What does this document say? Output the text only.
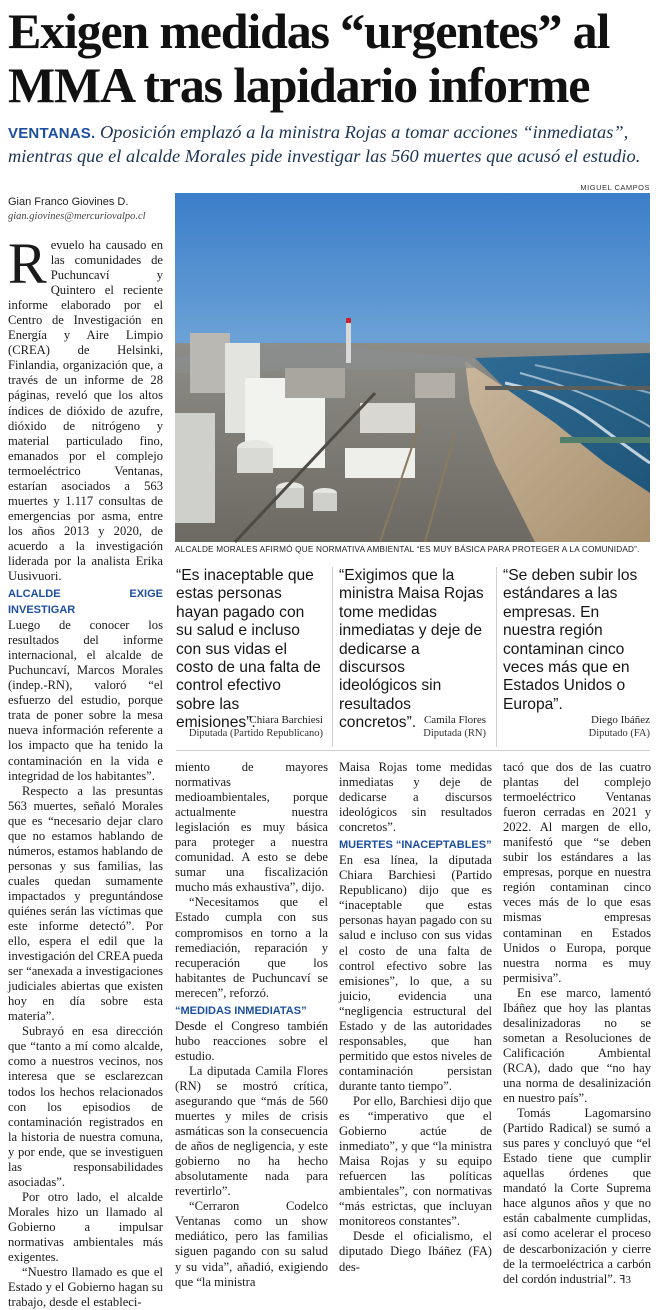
Exigen medidas “urgentes” al
MMA tras lapidario informe
VENTANAS. Oposición emplazó a la ministra Rojas a tomar acciones “inmediatas”, mientras que el alcalde Morales pide investigar las 560 muertes que acusó el estudio.
Gian Franco Giovines D.
gian.giovines@mercuriovalpo.cl
MIGUEL CAMPOS
ALCALDE MORALES AFIRMÓ QUE NORMATIVA AMBIENTAL “ES MUY BÁSICA PARA PROTEGER A LA COMUNIDAD”.
“Es inaceptable que estas personas hayan pagado con su salud e incluso con sus vidas el costo de una falta de control efectivo sobre las emisiones”.
Chiara Barchiesi
Diputada (Partido Republicano)
“Exigimos que la ministra Maisa Rojas tome medidas inmediatas y deje de dedicarse a discursos ideológicos sin resultados concretos”. Camila Flores
Diputada (RN)
“Se deben subir los estándares a las empresas. En nuestra región contaminan cinco veces más que en Estados Unidos o Europa”.
Diego Ibáñez
Diputado (FA)

Revuelo ha causado en las comunidades de Puchuncaví y Quintero el reciente informe elaborado por el Centro de Investigación en Energía y Aire Limpio (CREA) de Helsinki, Finlandia, organización que, a través de un informe de 28 páginas, reveló que los altos índices de dióxido de azufre, dióxido de nitrógeno y material particulado fino, emanados por el complejo termoeléctrico Ventanas, estarían asociados a 563 muertes y 1.117 consultas de emergencias por asma, entre los años 2013 y 2020, de acuerdo a la investigación liderada por la analista Erika Uusivuori.

ALCALDE EXIGE INVESTIGAR

Luego de conocer los resultados del informe internacional, el alcalde de Puchuncaví, Marcos Morales (indep.-RN), valoró “el esfuerzo del estudio, porque trata de poner sobre la mesa nueva información referente a los impacto que ha tenido la contaminación en la vida e integridad de los habitantes”.

Respecto a las presuntas 563 muertes, señaló Morales que es “necesario dejar claro que no estamos hablando de números, estamos hablando de personas y sus familias, las cuales quedan sumamente impactados y preguntándose quiénes serán las víctimas que este informe detectó”. Por ello, espera el edil que la investigación del CREA pueda ser “anexada a investigaciones judiciales abiertas que existen hoy en día sobre esta materia”.

Subrayó en esa dirección que “tanto a mí como alcalde, como a nuestros vecinos, nos interesa que se esclarezcan todos los hechos relacionados con los episodios de contaminación registrados en la historia de nuestra comuna, y por ende, que se investiguen las responsabilidades asociadas”.

Por otro lado, el alcalde Morales hizo un llamado al Gobierno a impulsar normativas ambientales más exigentes.

“Nuestro llamado es que el Estado y el Gobierno hagan su trabajo, desde el estableci-

miento de mayores normativas medioambientales, porque actualmente nuestra legislación es muy básica para proteger a nuestra comunidad. A esto se debe sumar una fiscalización mucho más exhaustiva”, dijo.

“Necesitamos que el Estado cumpla con sus compromisos en torno a la remediación, reparación y recuperación que los habitantes de Puchuncaví se merecen”, reforzó.

“MEDIDAS INMEDIATAS”

Desde el Congreso también hubo reacciones sobre el estudio.

La diputada Camila Flores (RN) se mostró crítica, asegurando que “más de 560 muertes y miles de crisis asmáticas son la consecuencia de años de negligencia, y este gobierno no ha hecho absolutamente nada para revertirlo”.

“Cerraron Codelco Ventanas como un show mediático, pero las familias siguen pagando con su salud y su vida”, añadió, exigiendo que “la ministra

Maisa Rojas tome medidas inmediatas y deje de dedicarse a discursos ideológicos sin resultados concretos”.

MUERTES “INACEPTABLES”

En esa línea, la diputada Chiara Barchiesi (Partido Republicano) dijo que es “inaceptable que estas personas hayan pagado con su salud e incluso con sus vidas el costo de una falta de control efectivo sobre las emisiones”, lo que, a su juicio, evidencia una “negligencia estructural del Estado y de las autoridades responsables, que han permitido que estos niveles de contaminación persistan durante tanto tiempo”.

Por ello, Barchiesi dijo que es “imperativo que el Gobierno actúe de inmediato”, y que “la ministra Maisa Rojas y su equipo refuercen las políticas ambientales”, con normativas “más estrictas, que incluyan monitoreos constantes”.

Desde el oficialismo, el diputado Diego Ibáñez (FA) des-

tacó que dos de las cuatro plantas del complejo termoeléctrico Ventanas fueron cerradas en 2021 y 2022. Al margen de ello, manifestó que “se deben subir los estándares a las empresas, porque en nuestra región contaminan cinco veces más de lo que esas mismas empresas contaminan en Estados Unidos o Europa, porque nuestra norma es muy permisiva”.

En ese marco, lamentó Ibáñez que hoy las plantas desalinizadoras no se sometan a Resoluciones de Calificación Ambiental (RCA), dado que “no hay una norma de desalinización en nuestro país”.

Tomás Lagomarsino (Partido Radical) se sumó a sus pares y concluyó que “el Estado tiene que cumplir aquellas órdenes que mandató la Corte Suprema hace algunos años y que no están cabalmente cumplidas, así como acelerar el proceso de descarbonización y cierre de la termoeléctrica a carbón del cordón industrial”. ꟻ3
